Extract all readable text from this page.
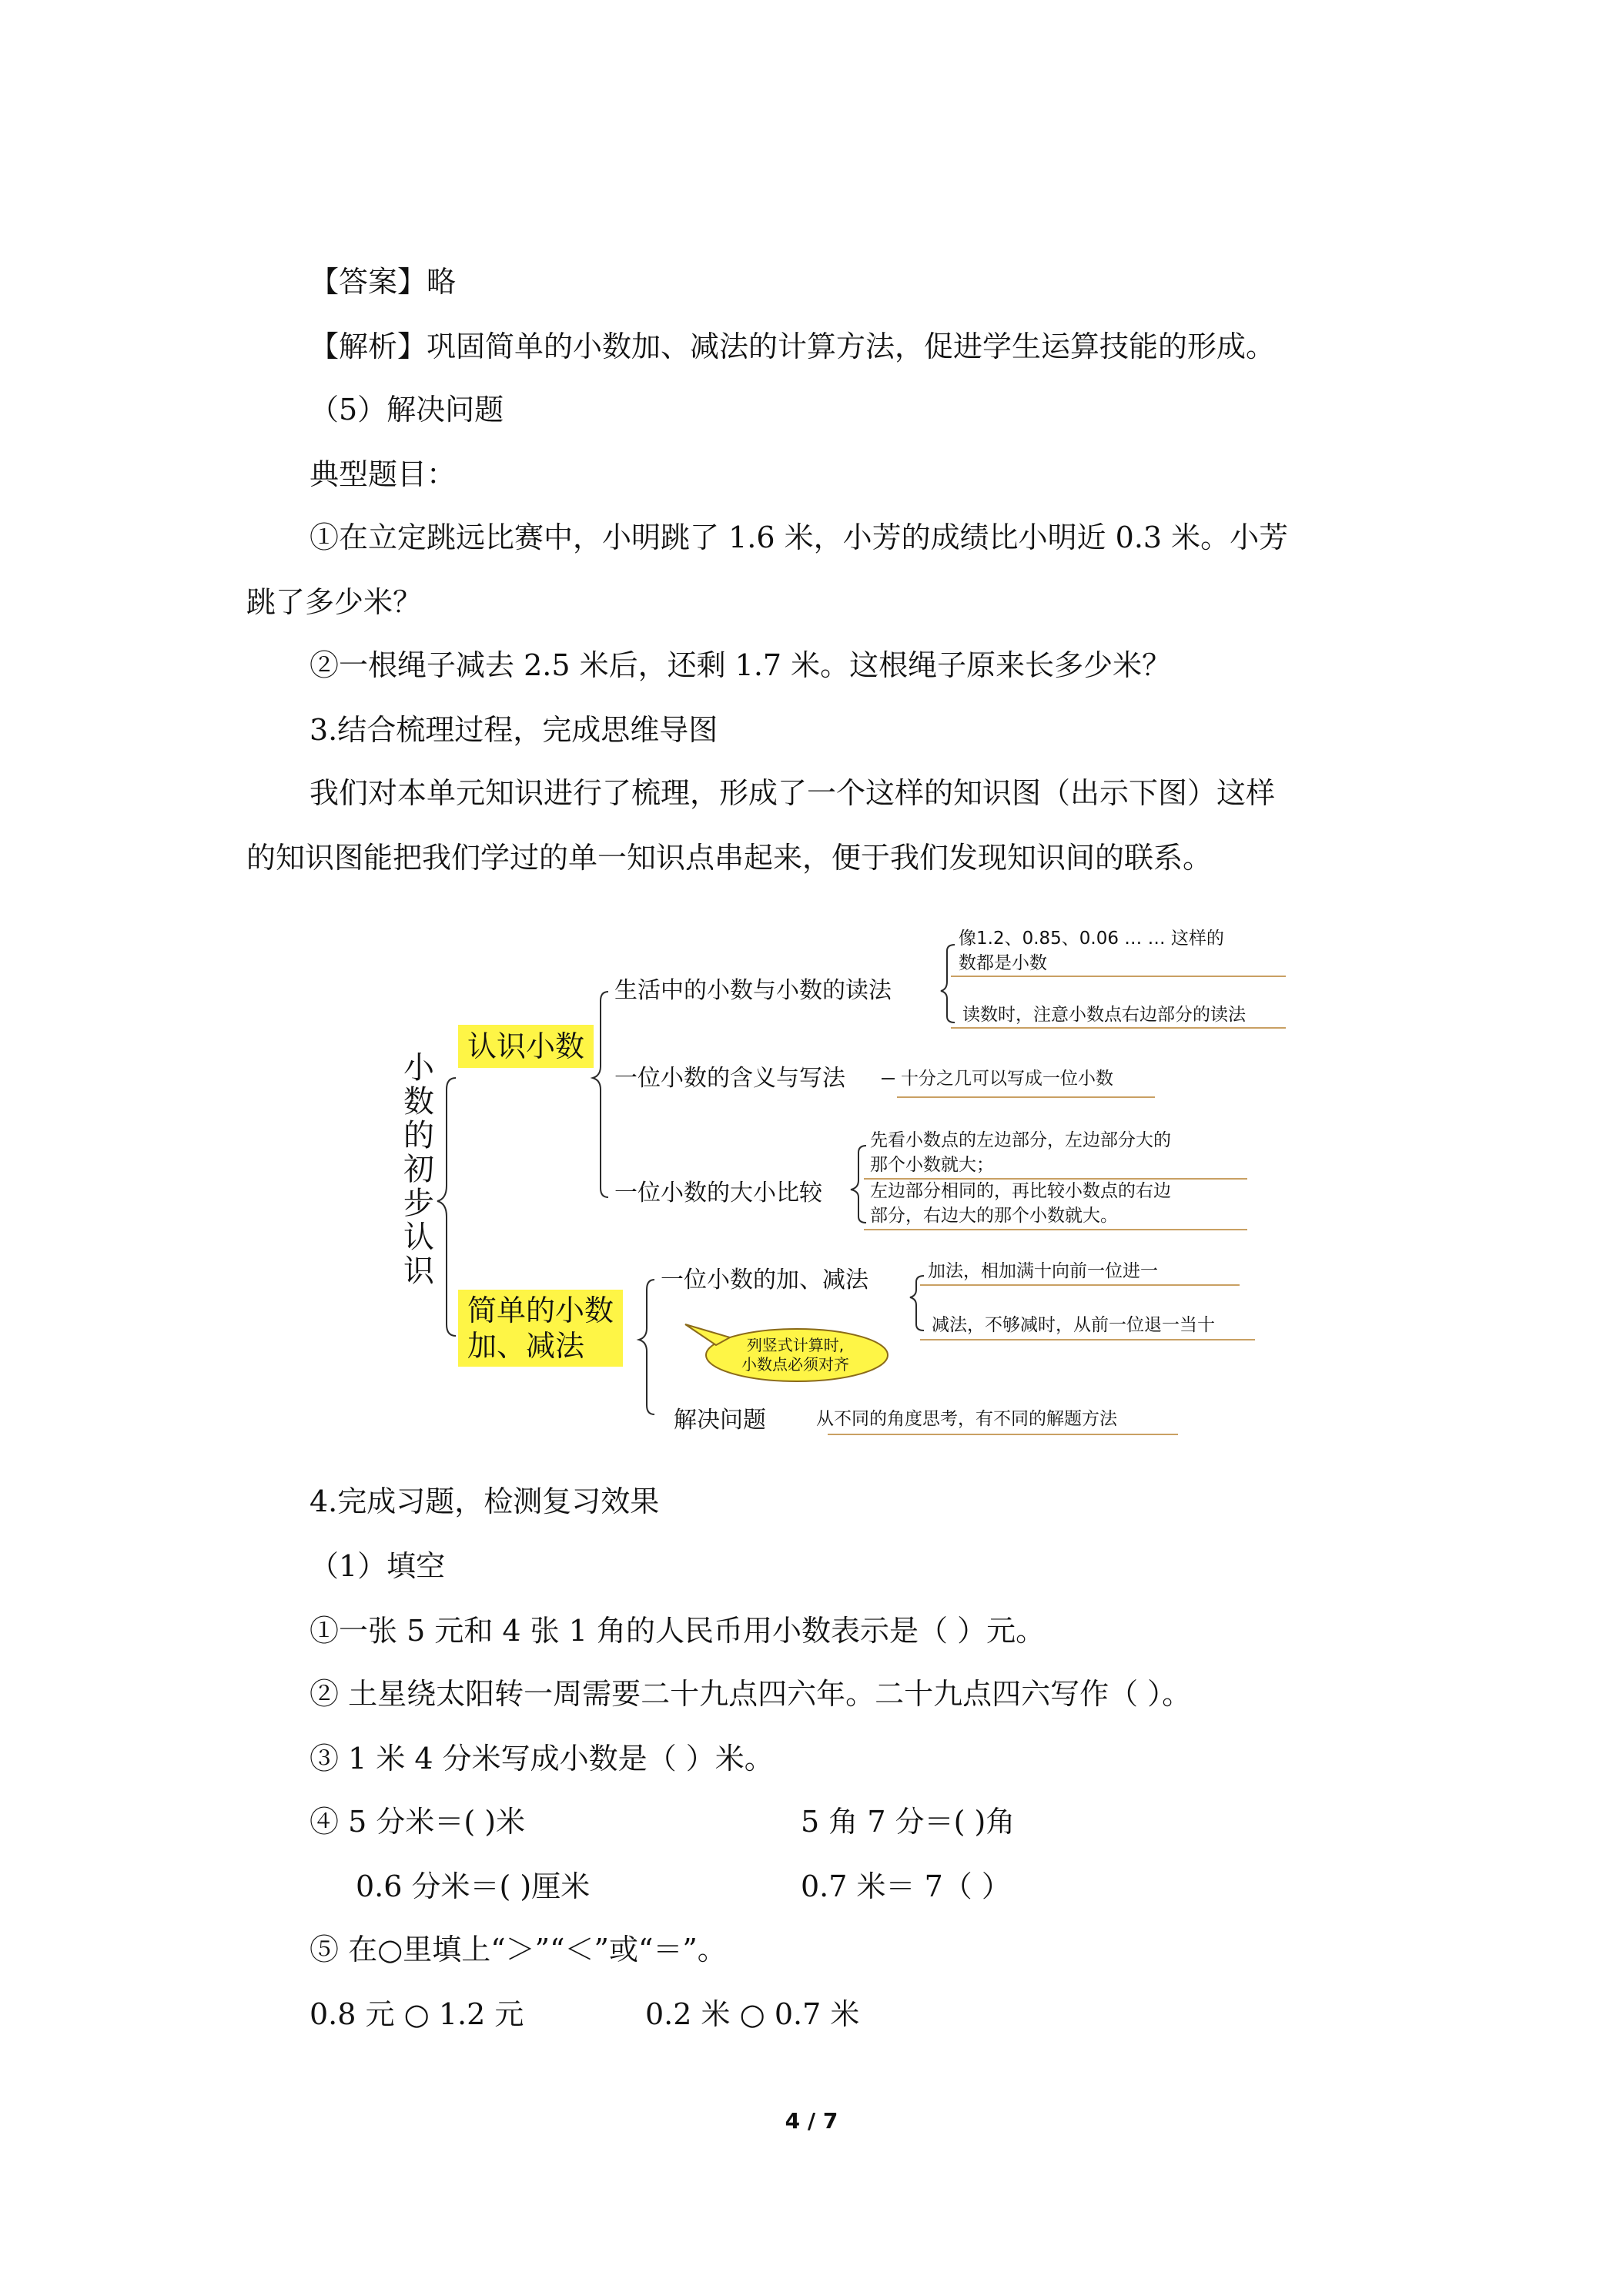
【答案】略

【解析】巩固简单的小数加、减法的计算方法，促进学生运算技能的形成。

（5）解决问题

典型题目：

①在立定跳远比赛中，小明跳了 1.6 米，小芳的成绩比小明近 0.3 米。小芳

跳了多少米？

②一根绳子减去 2.5 米后，还剩 1.7 米。这根绳子原来长多少米？

3.结合梳理过程，完成思维导图

我们对本单元知识进行了梳理，形成了一个这样的知识图（出示下图）这样

的知识图能把我们学过的单一知识点串起来，便于我们发现知识间的联系。

小数的初步认识
认识小数
生活中的小数与小数的读法
像1.2、0.85、0.06 … … 这样的
数都是小数
读数时，注意小数点右边部分的读法
一位小数的含义与写法	十分之几可以写成一位小数
一位小数的大小比较
先看小数点的左边部分，左边部分大的
那个小数就大；
左边部分相同的，再比较小数点的右边
部分，右边大的那个小数就大。
简单的小数
加、减法
一位小数的加、减法	加法，相加满十向前一位进一
减法，不够减时，从前一位退一当十
列竖式计算时,
小数点必须对齐
解决问题	从不同的角度思考，有不同的解题方法

4.完成习题，检测复习效果

（1）填空

①一张 5 元和 4 张 1 角的人民币用小数表示是（ ）元。

② 土星绕太阳转一周需要二十九点四六年。二十九点四六写作（ ）。

③ 1 米 4 分米写成小数是（ ）米。

④ 5 分米＝( )米	5 角 7 分＝( )角

0.6 分米＝( )厘米	0.7 米＝ 7（ ）

⑤ 在○里填上“＞”“＜”或“＝”。

0.8 元 ○ 1.2 元	0.2 米 ○ 0.7 米

4 / 7
